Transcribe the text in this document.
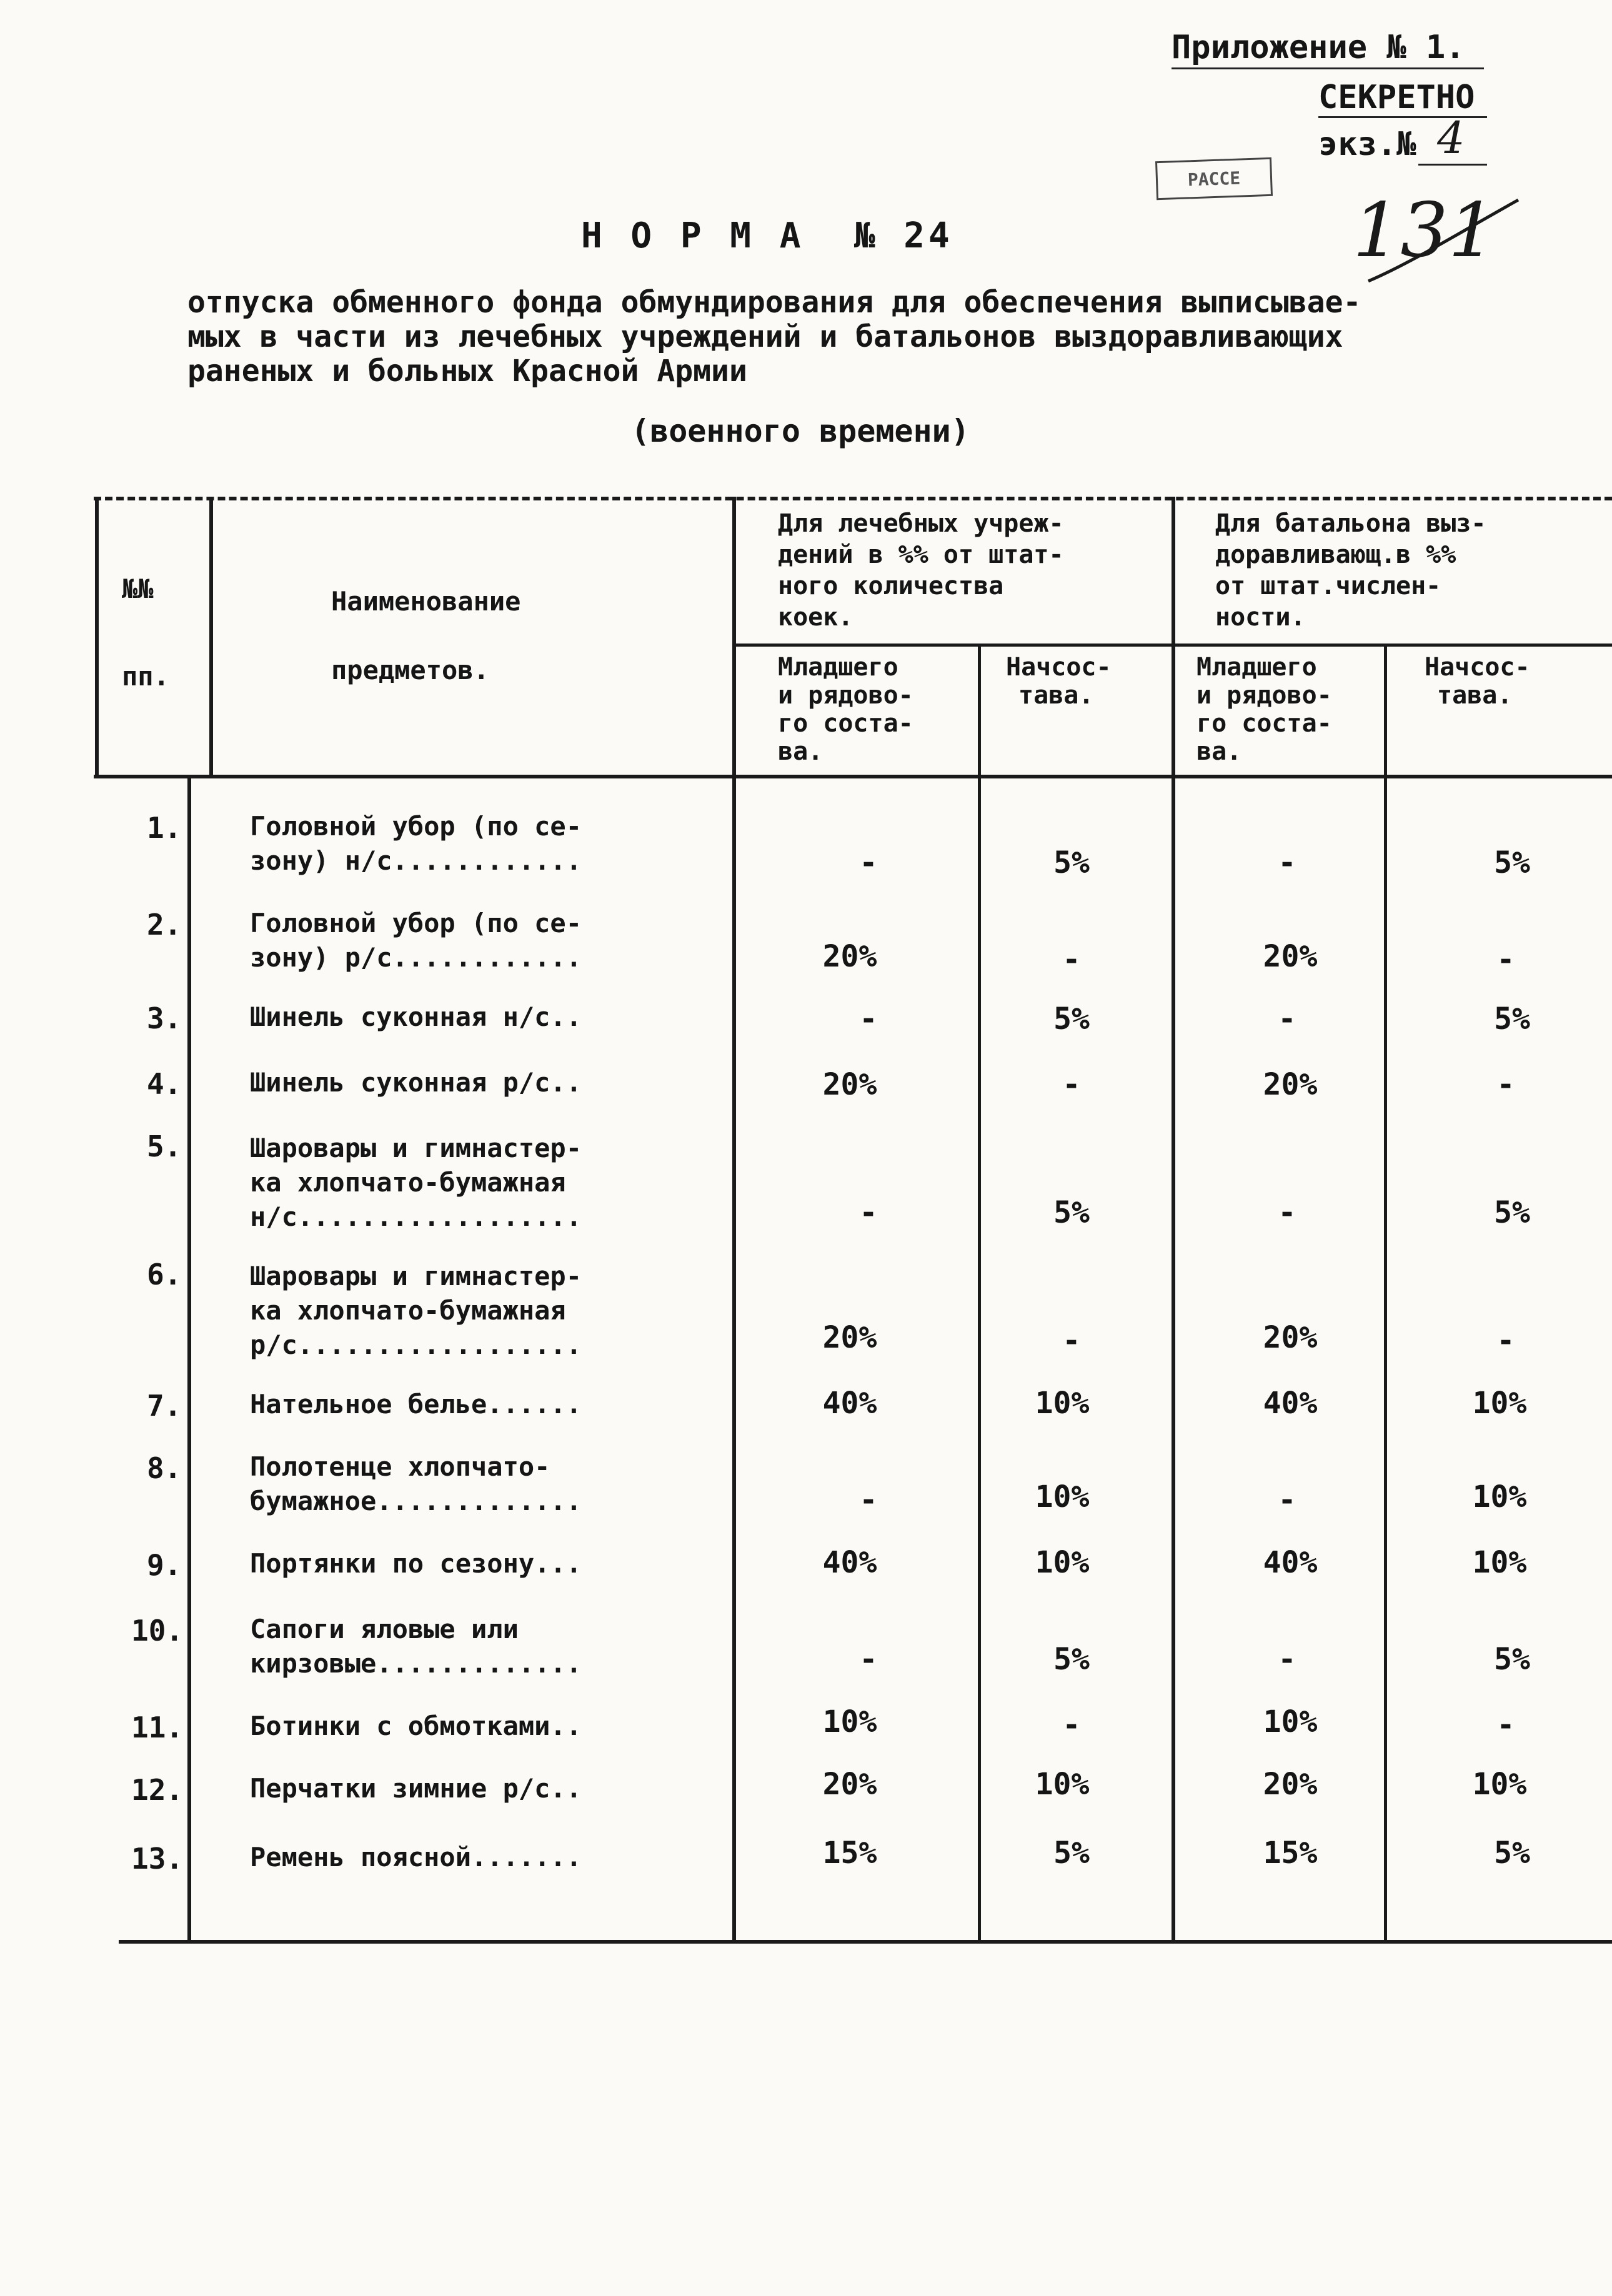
Приложение № 1.
СЕКРЕТНО
экз.№ 4
РАССЕ
131
Н О Р М А  № 24
отпуска обменного фонда обмундирования для обеспечения выписывае-
мых в части из лечебных учреждений и батальонов выздоравливающих
раненых и больных Красной Армии
(военного времени)
№№
пп.
Наименование
предметов.
Для лечебных учреж-
дений в %% от штат-
ного количества
коек.
Для батальона выз-
доравливающ.в %%
от штат.числен-
ности.
Младшего
и рядово-
го соста-
ва.
Начсос-
тава.
Младшего
и рядово-
го соста-
ва.
Начсос-
тава.
1.	Головной убор (по се-
зону) н/с............	-	5%	-	5%
2.	Головной убор (по се-
зону) р/с............	20%	-	20%	-
3.	Шинель суконная н/с..	-	5%	-	5%
4.	Шинель суконная р/с..	20%	-	20%	-
5.	Шаровары и гимнастер-
ка хлопчато-бумажная
н/с..................	-	5%	-	5%
6.	Шаровары и гимнастер-
ка хлопчато-бумажная
р/с..................	20%	-	20%	-
7.	Нательное белье......	40%	10%	40%	10%
8.	Полотенце хлопчато-
бумажное.............	-	10%	-	10%
9.	Портянки по сезону...	40%	10%	40%	10%
10.	Сапоги яловые или
кирзовые.............	-	5%	-	5%
11.	Ботинки с обмотками..	10%	-	10%	-
12.	Перчатки зимние р/с..	20%	10%	20%	10%
13.	Ремень поясной.......	15%	5%	15%	5%
